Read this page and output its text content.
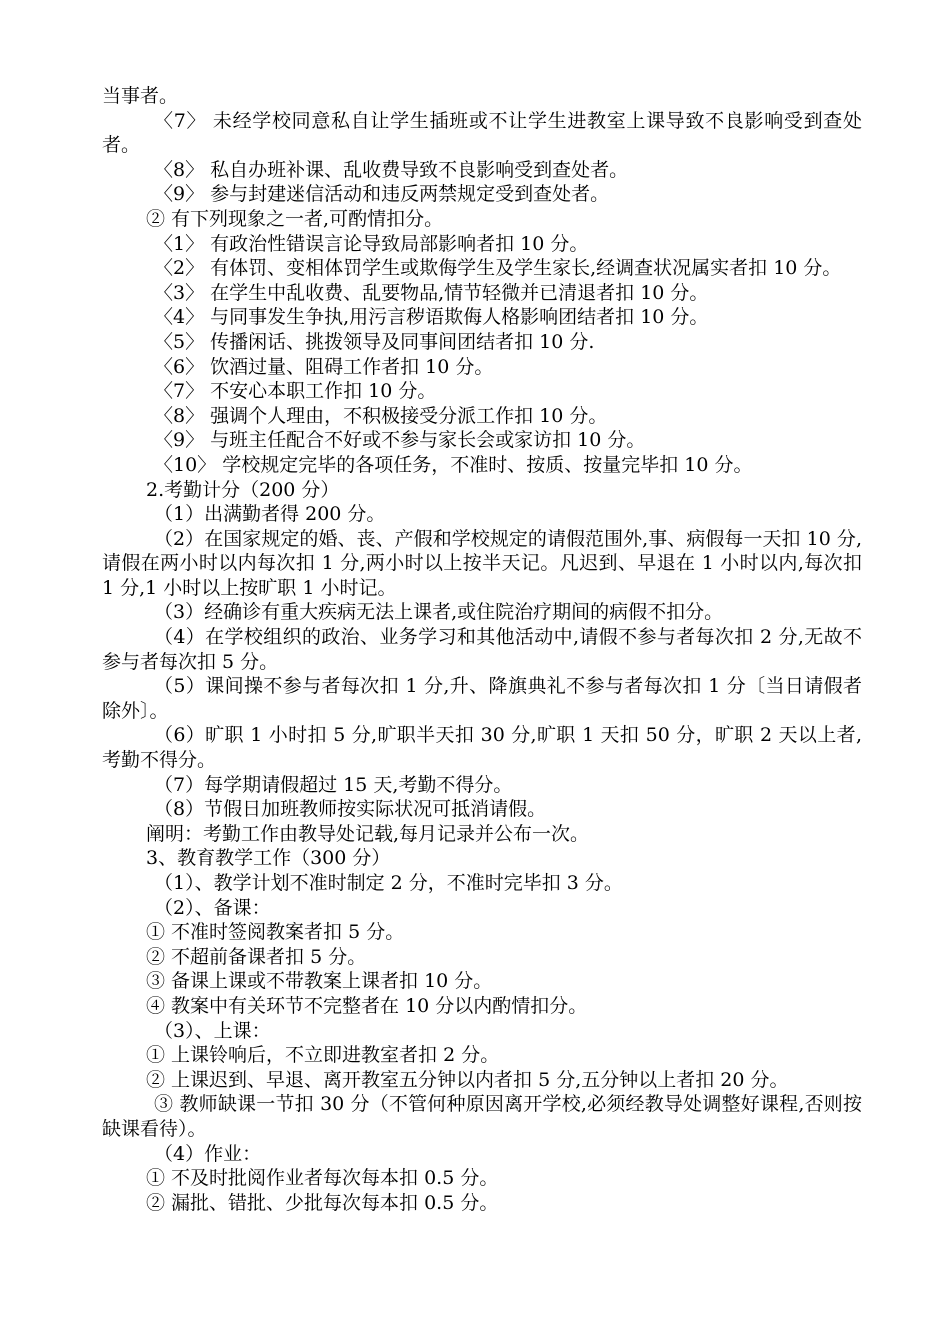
当事者。
〈7〉 未经学校同意私自让学生插班或不让学生进教室上课导致不良影响受到查处者。
〈8〉 私自办班补课、乱收费导致不良影响受到查处者。
〈9〉 参与封建迷信活动和违反两禁规定受到查处者。
② 有下列现象之一者,可酌情扣分。
〈1〉 有政治性错误言论导致局部影响者扣 10 分。
〈2〉 有体罚、变相体罚学生或欺侮学生及学生家长,经调查状况属实者扣 10 分。
〈3〉 在学生中乱收费、乱要物品,情节轻微并已清退者扣 10 分。
〈4〉 与同事发生争执,用污言秽语欺侮人格影响团结者扣 10 分。
〈5〉 传播闲话、挑拨领导及同事间团结者扣 10 分.
〈6〉 饮酒过量、阻碍工作者扣 10 分。
〈7〉 不安心本职工作扣 10 分。
〈8〉 强调个人理由，不积极接受分派工作扣 10 分。
〈9〉 与班主任配合不好或不参与家长会或家访扣 10 分。
〈10〉 学校规定完毕的各项任务，不准时、按质、按量完毕扣 10 分。
2.考勤计分（200 分）
（1）出满勤者得 200 分。
（2）在国家规定的婚、丧、产假和学校规定的请假范围外,事、病假每一天扣 10 分,请假在两小时以内每次扣 1 分,两小时以上按半天记。凡迟到、早退在 1 小时以内,每次扣 1 分,1 小时以上按旷职 1 小时记。
（3）经确诊有重大疾病无法上课者,或住院治疗期间的病假不扣分。
（4）在学校组织的政治、业务学习和其他活动中,请假不参与者每次扣 2 分,无故不参与者每次扣 5 分。
（5）课间操不参与者每次扣 1 分,升、降旗典礼不参与者每次扣 1 分〔当日请假者除外〕。
（6）旷职 1 小时扣 5 分,旷职半天扣 30 分,旷职 1 天扣 50 分，旷职 2 天以上者,考勤不得分。
（7）每学期请假超过 15 天,考勤不得分。
（8）节假日加班教师按实际状况可抵消请假。
阐明：考勤工作由教导处记载,每月记录并公布一次。
3、教育教学工作（300 分）
（1）、教学计划不准时制定 2 分，不准时完毕扣 3 分。
（2）、备课：
① 不准时签阅教案者扣 5 分。
② 不超前备课者扣 5 分。
③ 备课上课或不带教案上课者扣 10 分。
④ 教案中有关环节不完整者在 10 分以内酌情扣分。
（3）、上课：
① 上课铃响后，不立即进教室者扣 2 分。
② 上课迟到、早退、离开教室五分钟以内者扣 5 分,五分钟以上者扣 20 分。
③ 教师缺课一节扣 30 分（不管何种原因离开学校,必须经教导处调整好课程,否则按缺课看待）。
（4）作业：
① 不及时批阅作业者每次每本扣 0.5 分。
② 漏批、错批、少批每次每本扣 0.5 分。
